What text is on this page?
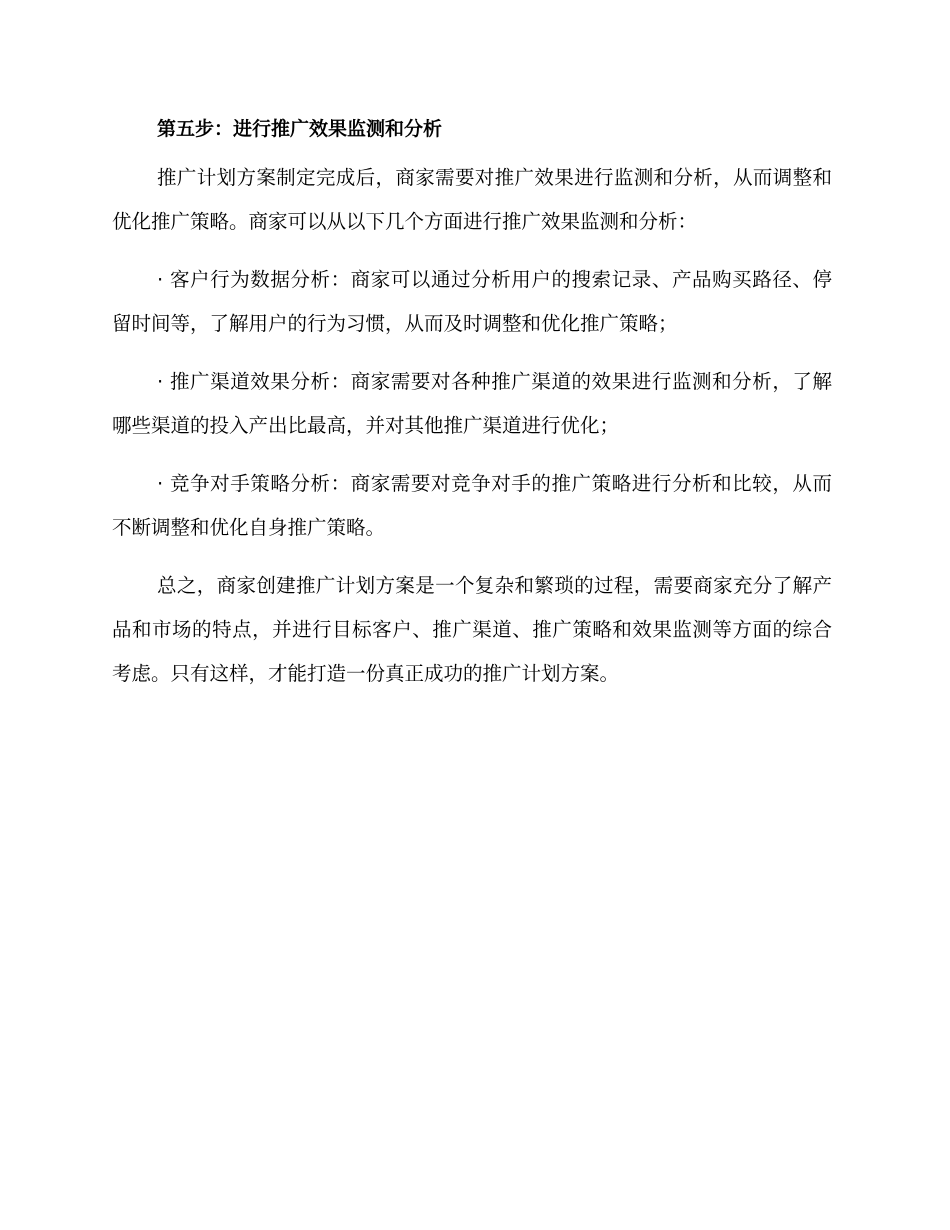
第五步：进行推广效果监测和分析

推广计划方案制定完成后，商家需要对推广效果进行监测和分析，从而调整和优化推广策略。商家可以从以下几个方面进行推广效果监测和分析：

· 客户行为数据分析：商家可以通过分析用户的搜索记录、产品购买路径、停留时间等，了解用户的行为习惯，从而及时调整和优化推广策略；

· 推广渠道效果分析：商家需要对各种推广渠道的效果进行监测和分析，了解哪些渠道的投入产出比最高，并对其他推广渠道进行优化；

· 竞争对手策略分析：商家需要对竞争对手的推广策略进行分析和比较，从而不断调整和优化自身推广策略。

总之，商家创建推广计划方案是一个复杂和繁琐的过程，需要商家充分了解产品和市场的特点，并进行目标客户、推广渠道、推广策略和效果监测等方面的综合考虑。只有这样，才能打造一份真正成功的推广计划方案。
